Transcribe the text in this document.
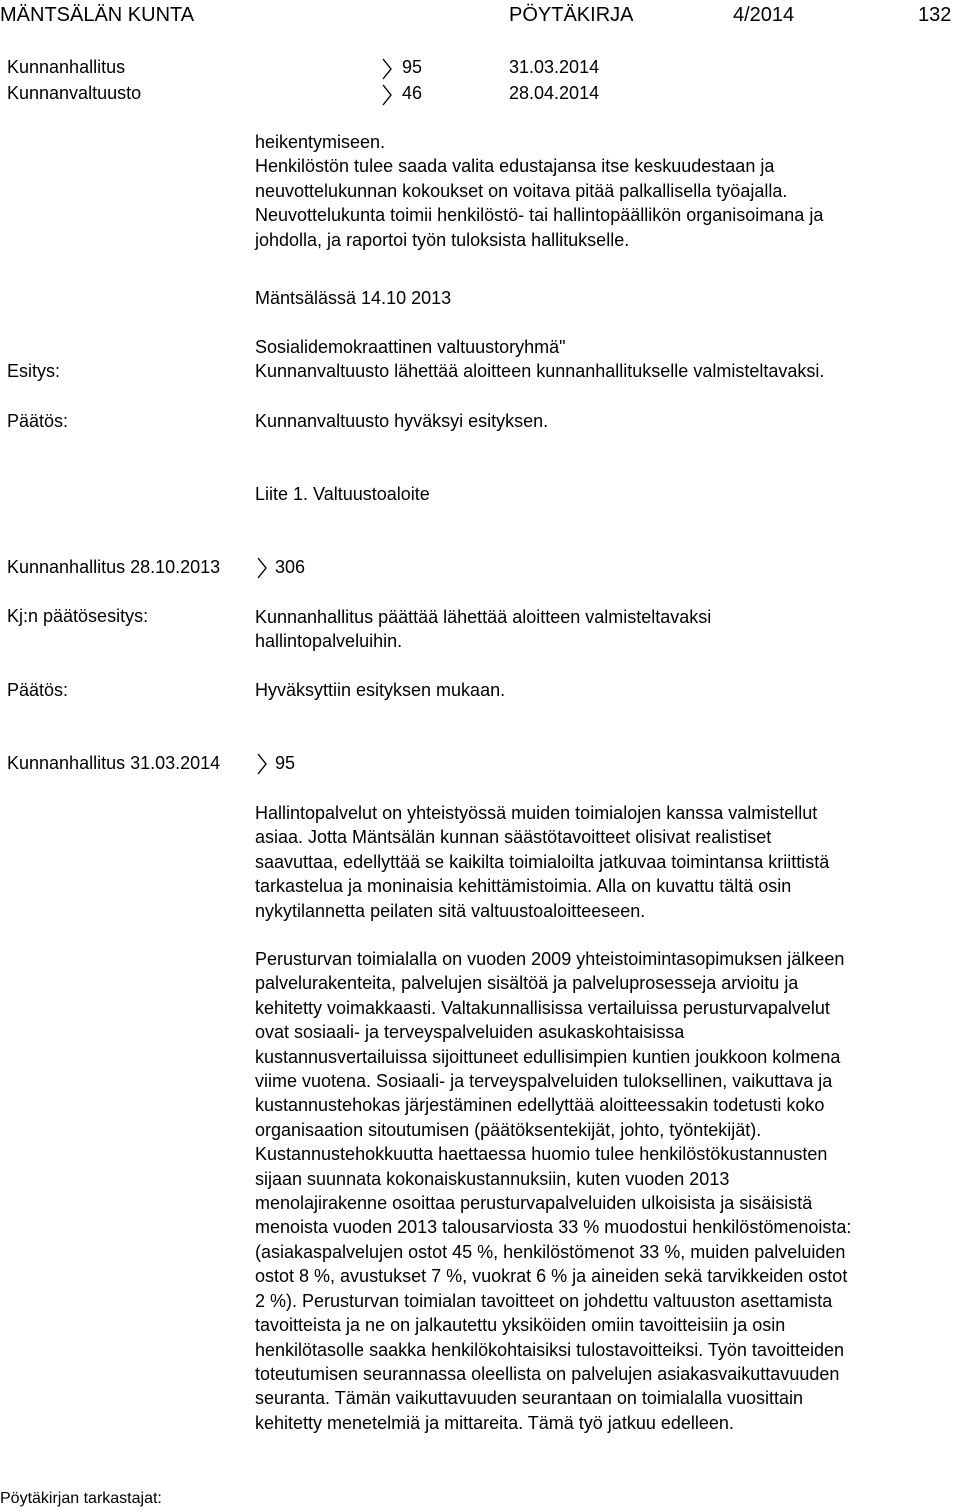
MÄNTSÄLÄN KUNTA	PÖYTÄKIRJA	4/2014	132
Kunnanhallitus	95	31.03.2014
Kunnanvaltuusto	46	28.04.2014
heikentymiseen.
Henkilöstön tulee saada valita edustajansa itse keskuudestaan ja
neuvottelukunnan kokoukset on voitava pitää palkallisella työajalla.
Neuvottelukunta toimii henkilöstö- tai hallintopäällikön organisoimana ja
johdolla, ja raportoi työn tuloksista hallitukselle.
Mäntsälässä 14.10 2013
Sosialidemokraattinen valtuustoryhmä"
Esitys:	Kunnanvaltuusto lähettää aloitteen kunnanhallitukselle valmisteltavaksi.
Päätös:	Kunnanvaltuusto hyväksyi esityksen.
Liite 1. Valtuustoaloite
Kunnanhallitus 28.10.2013	306
Kj:n päätösesitys:	Kunnanhallitus päättää lähettää aloitteen valmisteltavaksi
hallintopalveluihin.
Päätös:	Hyväksyttiin esityksen mukaan.
Kunnanhallitus 31.03.2014	95
Hallintopalvelut on yhteistyössä muiden toimialojen kanssa valmistellut
asiaa. Jotta Mäntsälän kunnan säästötavoitteet olisivat realistiset
saavuttaa, edellyttää se kaikilta toimialoilta jatkuvaa toimintansa kriittistä
tarkastelua ja moninaisia kehittämistoimia. Alla on kuvattu tältä osin
nykytilannetta peilaten sitä valtuustoaloitteeseen.
Perusturvan toimialalla on vuoden 2009 yhteistoimintasopimuksen jälkeen
palvelurakenteita, palvelujen sisältöä ja palveluprosesseja arvioitu ja
kehitetty voimakkaasti. Valtakunnallisissa vertailuissa perusturvapalvelut
ovat sosiaali- ja terveyspalveluiden asukaskohtaisissa
kustannusvertailuissa sijoittuneet edullisimpien kuntien joukkoon kolmena
viime vuotena. Sosiaali- ja terveyspalveluiden tuloksellinen, vaikuttava ja
kustannustehokas järjestäminen edellyttää aloitteessakin todetusti koko
organisaation sitoutumisen (päätöksentekijät, johto, työntekijät).
Kustannustehokkuutta haettaessa huomio tulee henkilöstökustannusten
sijaan suunnata kokonaiskustannuksiin, kuten vuoden 2013
menolajirakenne osoittaa perusturvapalveluiden ulkoisista ja sisäisistä
menoista vuoden 2013 talousarviosta 33 % muodostui henkilöstömenoista:
(asiakaspalvelujen ostot 45 %, henkilöstömenot 33 %, muiden palveluiden
ostot 8 %, avustukset 7 %, vuokrat 6 % ja aineiden sekä tarvikkeiden ostot
2 %). Perusturvan toimialan tavoitteet on johdettu valtuuston asettamista
tavoitteista ja ne on jalkautettu yksiköiden omiin tavoitteisiin ja osin
henkilötasolle saakka henkilökohtaisiksi tulostavoitteiksi. Työn tavoitteiden
toteutumisen seurannassa oleellista on palvelujen asiakasvaikuttavuuden
seuranta. Tämän vaikuttavuuden seurantaan on toimialalla vuosittain
kehitetty menetelmiä ja mittareita. Tämä työ jatkuu edelleen.
Pöytäkirjan tarkastajat:
